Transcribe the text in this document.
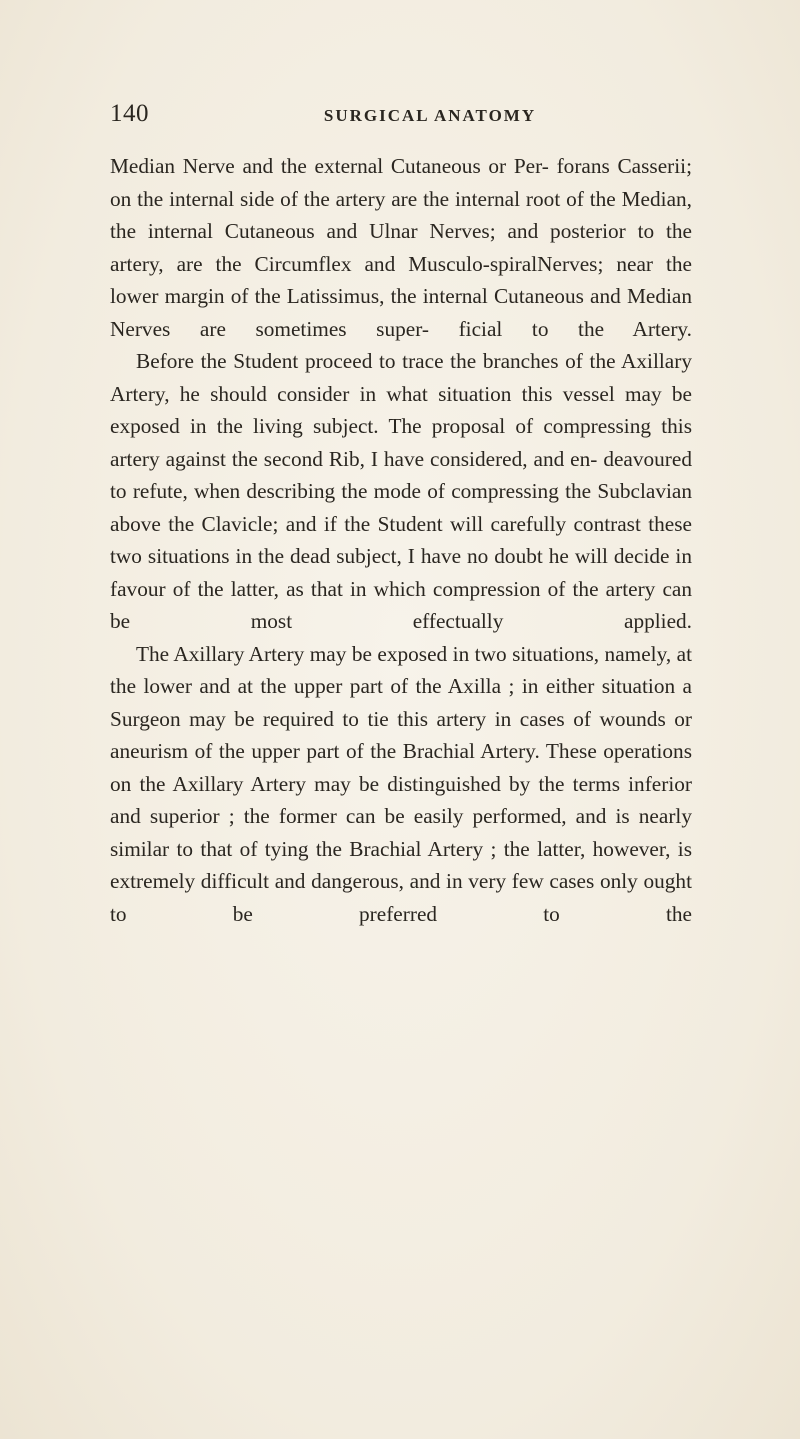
140	SURGICAL ANATOMY

Median Nerve and the external Cutaneous or Per- forans Casserii; on the internal side of the artery are the internal root of the Median, the internal Cutaneous and Ulnar Nerves; and posterior to the artery, are the Circumflex and Musculo-spiralNerves; near the lower margin of the Latissimus, the internal Cutaneous and Median Nerves are sometimes super- ficial to the Artery.

Before the Student proceed to trace the branches of the Axillary Artery, he should consider in what situation this vessel may be exposed in the living subject. The proposal of compressing this artery against the second Rib, I have considered, and en- deavoured to refute, when describing the mode of compressing the Subclavian above the Clavicle; and if the Student will carefully contrast these two situations in the dead subject, I have no doubt he will decide in favour of the latter, as that in which compression of the artery can be most effectually	applied.

The Axillary Artery may be exposed in two situations, namely, at the lower and at the upper part of the Axilla ; in either situation a Surgeon may be required to tie this artery in cases of wounds or aneurism of the upper part of the Brachial Artery. These operations on the Axillary Artery may be distinguished by the terms inferior and superior ; the former can be easily performed, and is nearly similar to that of tying the Brachial Artery ; the latter, however, is extremely difficult and dangerous, and in very few cases only ought to be preferred to the
